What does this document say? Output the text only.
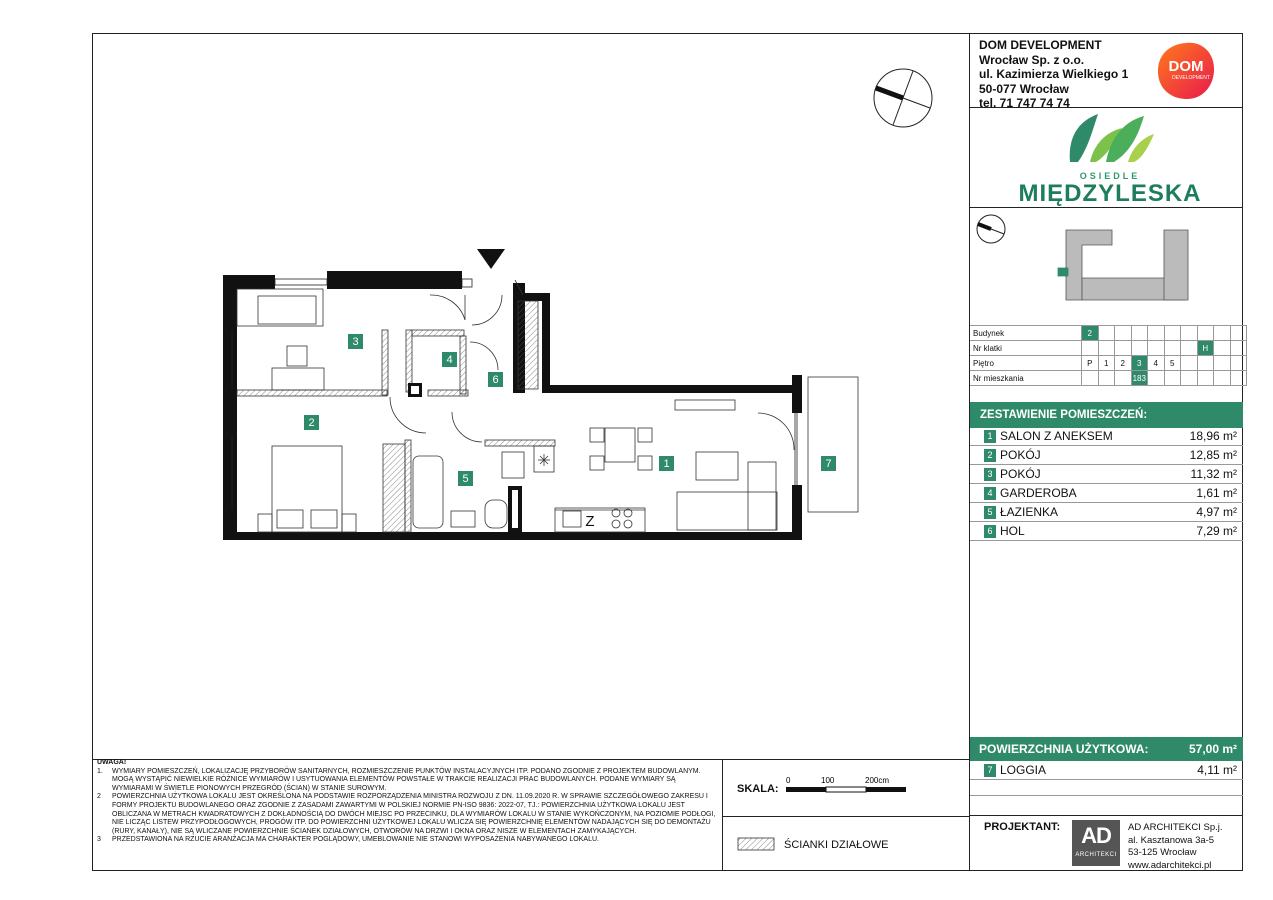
DOM DEVELOPMENT
Wrocław Sp. z o.o.
ul. Kazimierza Wielkiego 1
50-077 Wrocław
tel. 71 747 74 74
DOM
DEVELOPMENT
OSIEDLE
MIĘDZYLESKA
3
2
4
6
5
1	7
Z
0	100	200cm
Budynek	2									
Nr klatki								H		
Piętro	P	1	2	3	4	5				
Nr mieszkania				183						
ZESTAWIENIE POMIESZCZEŃ:
1 SALON Z ANEKSEM	18,96 m²
2 POKÓJ	12,85 m²
3 POKÓJ	11,32 m²
4 GARDEROBA	1,61 m²
5 ŁAZIENKA	4,97 m²
6 HOL	7,29 m²
POWIERZCHNIA UŻYTKOWA:	57,00 m²
7 LOGGIA	4,11 m²
UWAGA!
1.	WYMIARY POMIESZCZEŃ, LOKALIZACJĘ PRZYBORÓW SANITARNYCH, ROZMIESZCZENIE PUNKTÓW INSTALACYJNYCH ITP. PODANO ZGODNIE Z PROJEKTEM BUDOWLANYM. MOGĄ WYSTĄPIĆ NIEWIELKIE RÓŻNICE WYMIARÓW I USYTUOWANIA ELEMENTÓW POWSTAŁE W TRAKCIE REALIZACJI PRAC BUDOWLANYCH. PODANE WYMIARY SĄ WYMIARAMI W ŚWIETLE PIONOWYCH PRZEGRÓD (ŚCIAN) W STANIE SUROWYM.
2	POWIERZCHNIA UŻYTKOWA LOKALU JEST OKREŚLONA NA PODSTAWIE ROZPORZĄDZENIA MINISTRA ROZWOJU Z DN. 11.09.2020 R. W SPRAWIE SZCZEGÓŁOWEGO ZAKRESU I FORMY PROJEKTU BUDOWLANEGO ORAZ ZGODNIE Z ZASADAMI ZAWARTYMI W POLSKIEJ NORMIE PN-ISO 9836: 2022-07, TJ.: POWIERZCHNIA UŻYTKOWA LOKALU JEST OBLICZANA W METRACH KWADRATOWYCH Z DOKŁADNOŚCIĄ DO DWÓCH MIEJSC PO PRZECINKU, DLA WYMIARÓW LOKALU W STANIE WYKOŃCZONYM, NA POZIOMIE PODŁOGI, NIE LICZĄC LISTEW PRZYPODŁOGOWYCH, PROGÓW ITP. DO POWIERZCHNI UŻYTKOWEJ LOKALU WLICZA SIĘ POWIERZCHNIĘ ELEMENTÓW NADAJĄCYCH SIĘ DO DEMONTAŻU (RURY, KANAŁY), NIE SĄ WLICZANE POWIERZCHNIE ŚCIANEK DZIAŁOWYCH, OTWORÓW NA DRZWI I OKNA ORAZ NISZE W ELEMENTACH ZAMYKAJĄCYCH.
3	PRZEDSTAWIONA NA RZUCIE ARANŻACJA MA CHARAKTER POGLĄDOWY, UMEBLOWANIE NIE STANOWI WYPOSAŻENIA NABYWANEGO LOKALU.
SKALA:
ŚCIANKI DZIAŁOWE
PROJEKTANT: AD
ARCHITEKCI
AD ARCHITEKCI Sp.j.
al. Kasztanowa 3a-5
53-125 Wrocław
www.adarchitekci.pl
